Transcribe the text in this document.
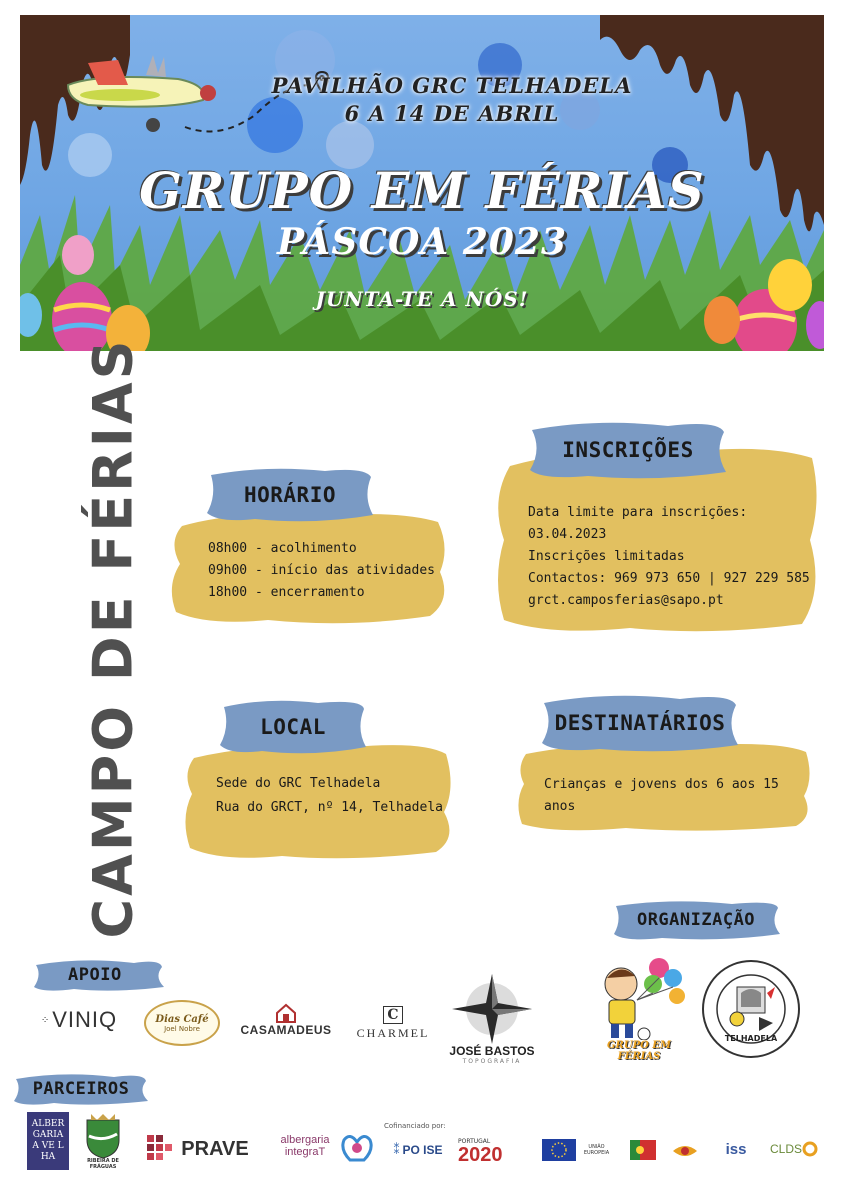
PAVILHÃO GRC TELHADELA
6 A 14 DE ABRIL
GRUPO EM FÉRIAS
PÁSCOA 2023
JUNTA-TE A NÓS!
CAMPO DE FÉRIAS	08h00 - acolhimento
09h00 - início das atividades
18h00 - encerramento
HORÁRIO
Data limite para inscrições: 03.04.2023
Inscrições limitadas
Contactos: 969 973 650 | 927 229 585
grct.camposferias@sapo.pt
INSCRIÇÕES
Sede do GRC Telhadela
Rua do GRCT, nº 14, Telhadela
LOCAL
Crianças e jovens dos 6 aos 15 anos
DESTINATÁRIOS
ORGANIZAÇÃO
GRUPO EM FÉRIAS
TELHADELA
APOIO
⁘ VINIQ	Dias Café
Joel Nobre	CASAMADEUS
C
CHARMEL
JOSÉ BASTOS
TOPOGRAFIA
PARCEIROS
ALBER GARIA A VE LHA	RIBEIRA DE FRÁGUAS
PRAVE	albergaria integraT
Cofinanciado por:
⁑ PO ISE
PORTUGAL
2020	UNIÃO EUROPEIA	iss CLDS
